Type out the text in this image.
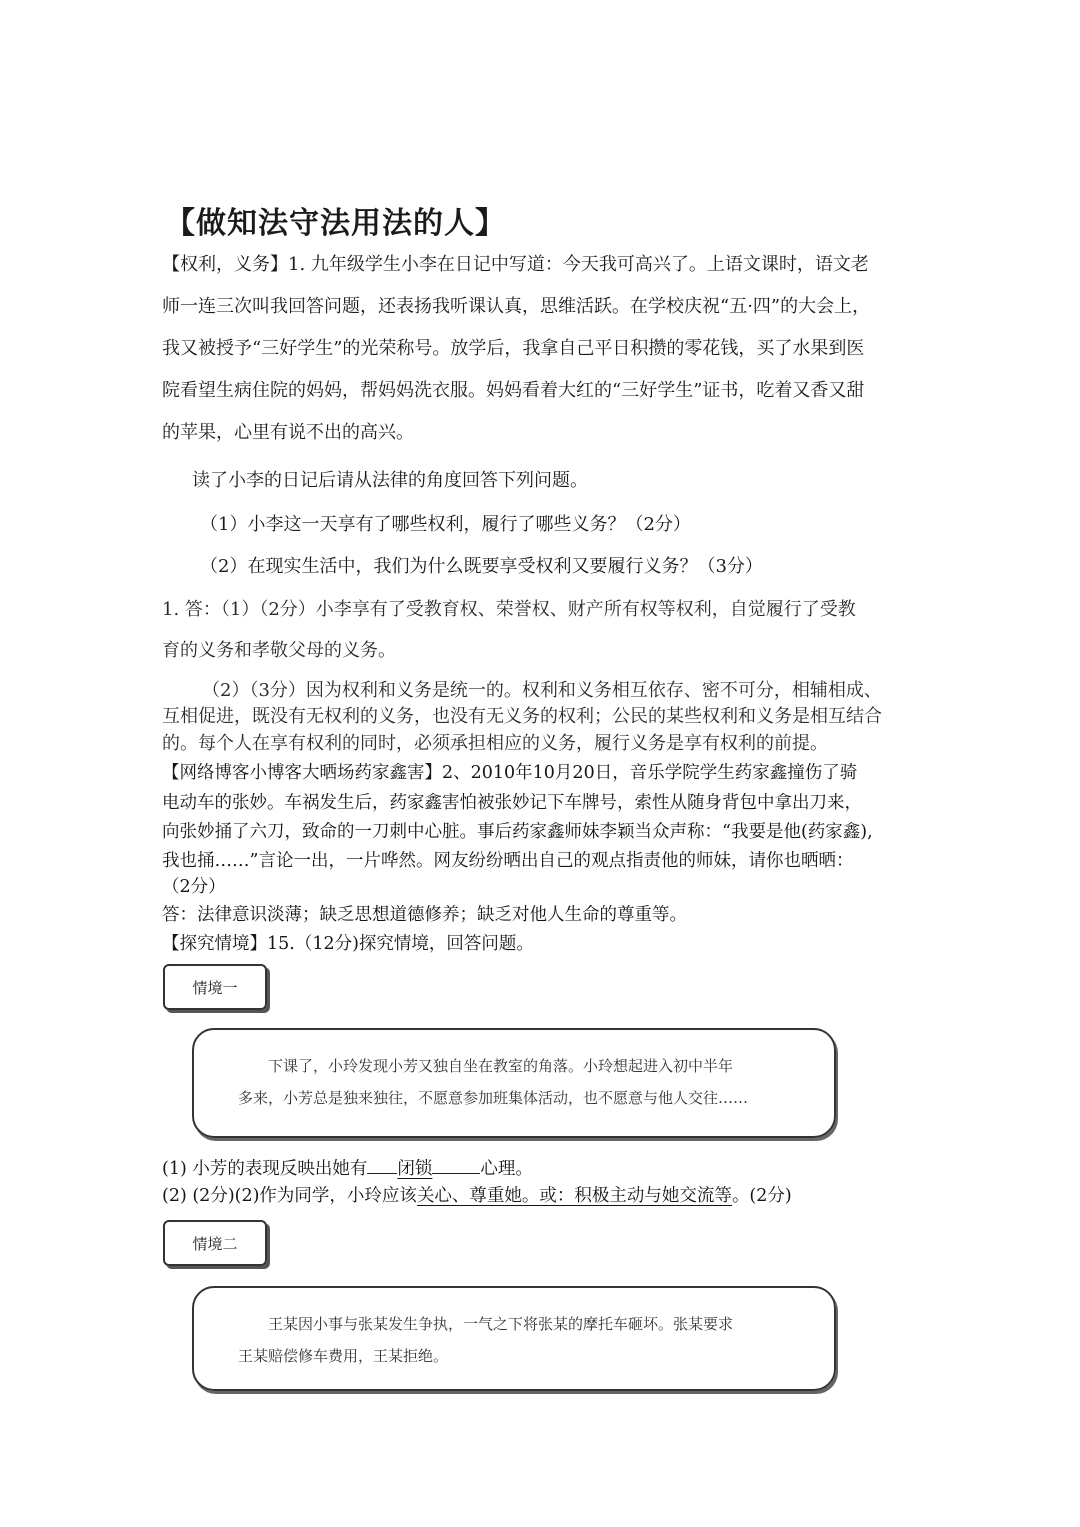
【做知法守法用法的人】
【权利，义务】1. 九年级学生小李在日记中写道：今天我可高兴了。上语文课时，语文老
师一连三次叫我回答问题，还表扬我听课认真，思维活跃。在学校庆祝“五·四”的大会上，
我又被授予“三好学生”的光荣称号。放学后，我拿自己平日积攒的零花钱，买了水果到医
院看望生病住院的妈妈，帮妈妈洗衣服。妈妈看着大红的“三好学生”证书，吃着又香又甜
的苹果，心里有说不出的高兴。
读了小李的日记后请从法律的角度回答下列问题。
（1）小李这一天享有了哪些权利，履行了哪些义务？（2分）
（2）在现实生活中，我们为什么既要享受权利又要履行义务？（3分）
1. 答：（1）（2分）小李享有了受教育权、荣誉权、财产所有权等权利，自觉履行了受教
育的义务和孝敬父母的义务。
（2）（3分）因为权利和义务是统一的。权利和义务相互依存、密不可分，相辅相成、
互相促进，既没有无权利的义务，也没有无义务的权利；公民的某些权利和义务是相互结合
的。每个人在享有权利的同时，必须承担相应的义务，履行义务是享有权利的前提。
【网络博客小博客大晒场药家鑫害】2、2010年10月20日，音乐学院学生药家鑫撞伤了骑
电动车的张妙。车祸发生后，药家鑫害怕被张妙记下车牌号，索性从随身背包中拿出刀来，
向张妙捅了六刀，致命的一刀刺中心脏。事后药家鑫师妹李颖当众声称：“我要是他(药家鑫),
我也捅……”言论一出，一片哗然。网友纷纷晒出自己的观点指责他的师妹，请你也晒晒：
（2分）
答：法律意识淡薄；缺乏思想道德修养；缺乏对他人生命的尊重等。
【探究情境】15.（12分)探究情境，回答问题。
情境一
下课了，小玲发现小芳又独自坐在教室的角落。小玲想起进入初中半年
多来，小芳总是独来独往，不愿意参加班集体活动，也不愿意与他人交往……
(1) 小芳的表现反映出她有 闭锁	心理。
(2) (2分)(2)作为同学，小玲应该关心、尊重她。或：积极主动与她交流等。(2分)
情境二
王某因小事与张某发生争执，一气之下将张某的摩托车砸坏。张某要求
王某赔偿修车费用，王某拒绝。
